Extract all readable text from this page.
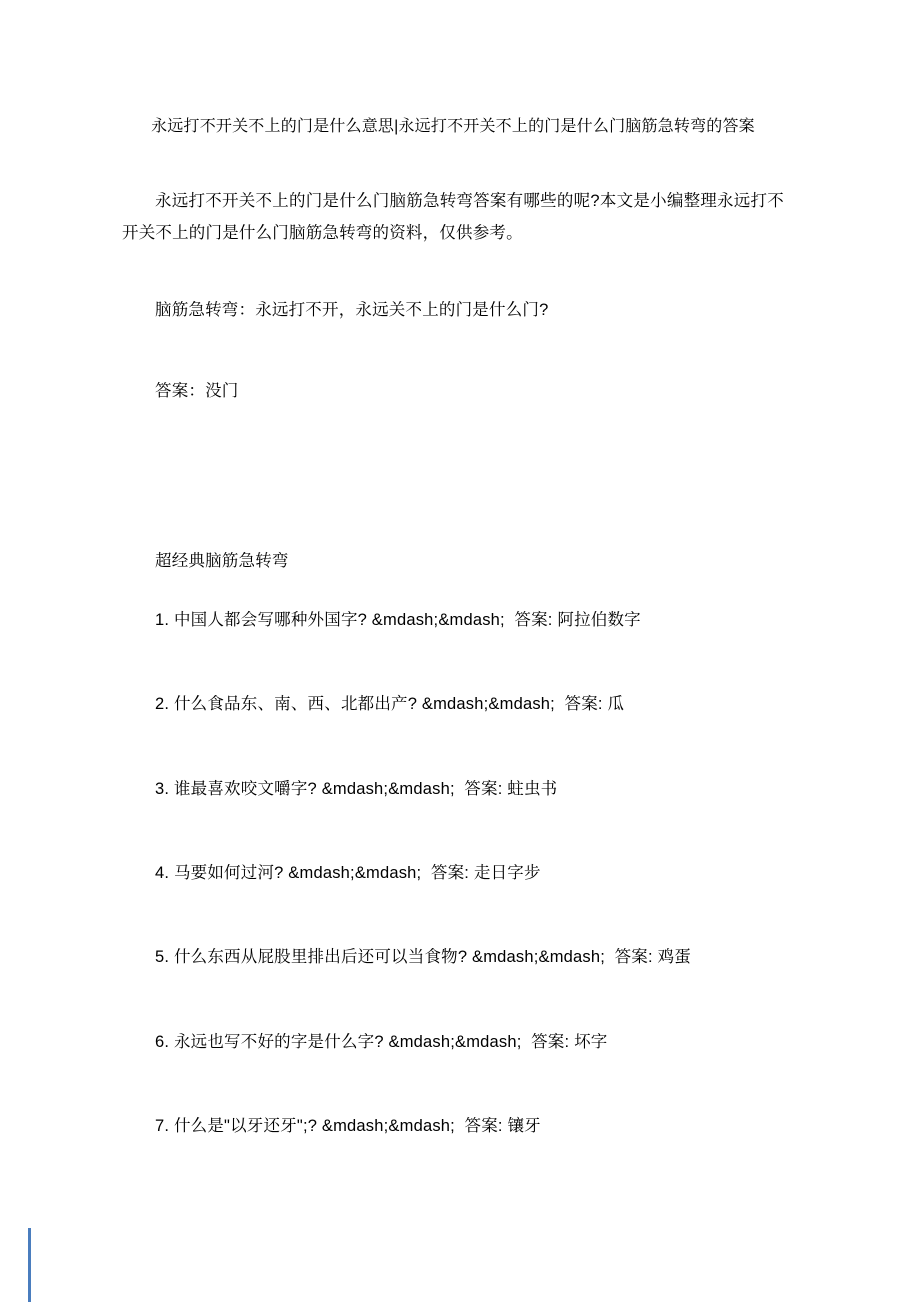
永远打不开关不上的门是什么意思|永远打不开关不上的门是什么门脑筋急转弯的答案

永远打不开关不上的门是什么门脑筋急转弯答案有哪些的呢?本文是小编整理永远打不开关不上的门是什么门脑筋急转弯的资料，仅供参考。

脑筋急转弯：永远打不开，永远关不上的门是什么门?

答案：没门

超经典脑筋急转弯

1. 中国人都会写哪种外国字? &mdash;&mdash;  答案: 阿拉伯数字

2. 什么食品东、南、西、北都出产? &mdash;&mdash;  答案: 瓜

3. 谁最喜欢咬文嚼字? &mdash;&mdash;  答案: 蛀虫书

4. 马要如何过河? &mdash;&mdash;  答案: 走日字步

5. 什么东西从屁股里排出后还可以当食物? &mdash;&mdash;  答案: 鸡蛋

6. 永远也写不好的字是什么字? &mdash;&mdash;  答案: 坏字

7. 什么是"以牙还牙";? &mdash;&mdash;  答案: 镶牙
